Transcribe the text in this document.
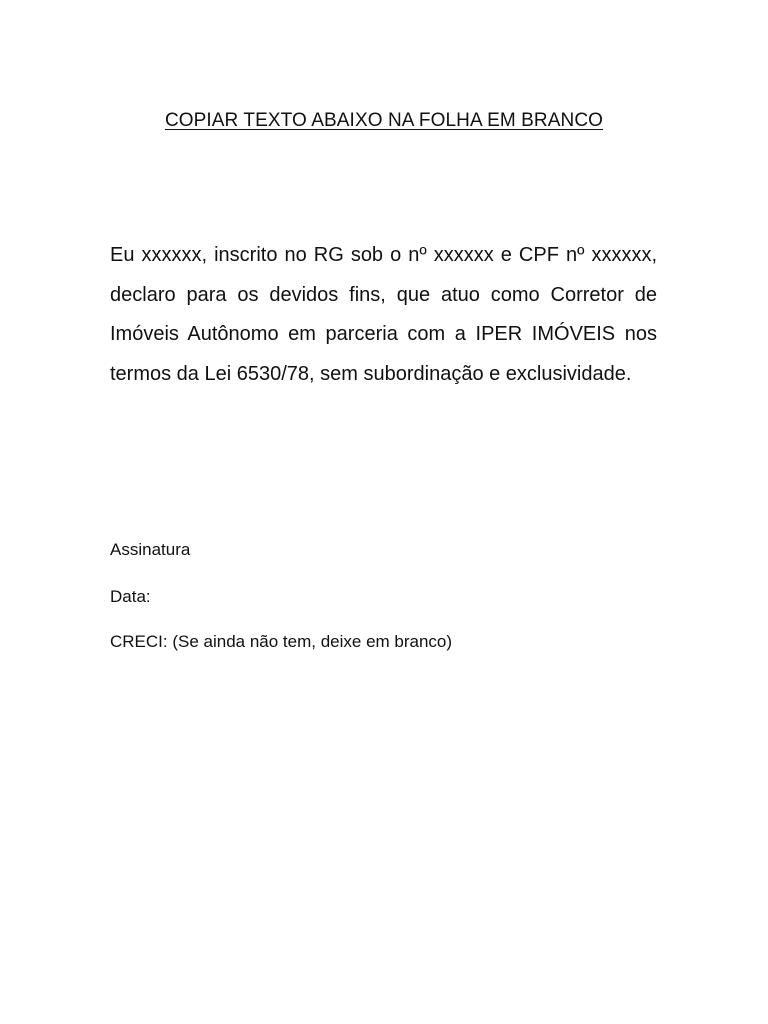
COPIAR TEXTO ABAIXO NA FOLHA EM BRANCO

Eu xxxxxx, inscrito no RG sob o nº xxxxxx e CPF nº xxxxxx, declaro para os devidos fins, que atuo como Corretor de Imóveis Autônomo em parceria com a IPER IMÓVEIS nos termos da Lei 6530/78, sem subordinação e exclusividade.

Assinatura
Data:
CRECI: (Se ainda não tem, deixe em branco)
